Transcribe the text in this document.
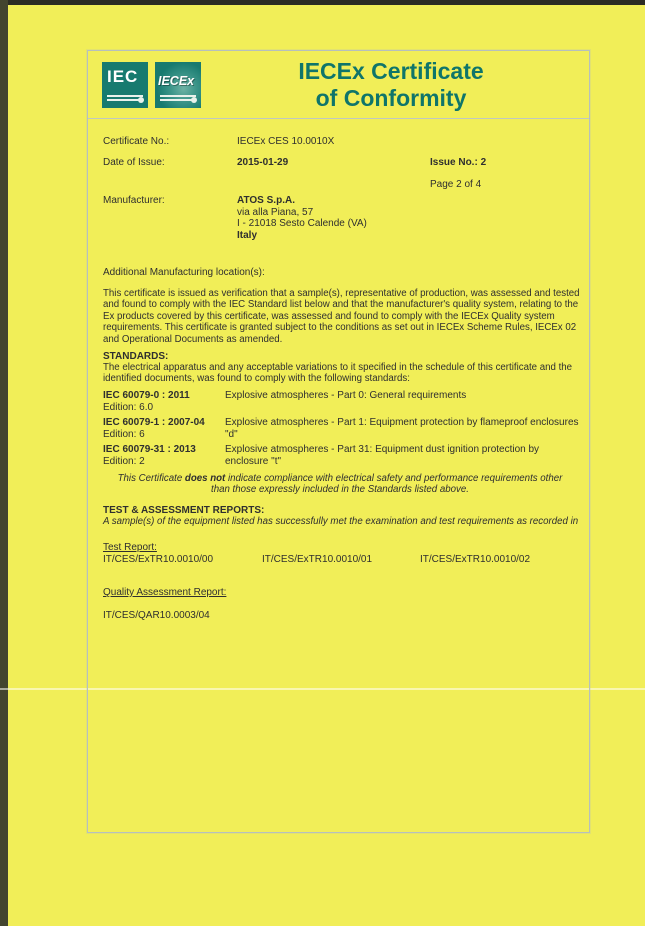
IEC	IECEx	IECEx Certificate
of Conformity
Certificate No.:	IECEx CES 10.0010X
Date of Issue:	2015-01-29	Issue No.: 2
Page 2 of 4
Manufacturer:	ATOS S.p.A.
via alla Piana, 57
I - 21018 Sesto Calende (VA)
Italy
Additional Manufacturing location(s):
This certificate is issued as verification that a sample(s), representative of production, was assessed and tested and found to comply with the IEC Standard list below and that the manufacturer's quality system, relating to the Ex products covered by this certificate, was assessed and found to comply with the IECEx Quality system requirements. This certificate is granted subject to the conditions as set out in IECEx Scheme Rules, IECEx 02 and Operational Documents as amended.
STANDARDS:
The electrical apparatus and any acceptable variations to it specified in the schedule of this certificate and the identified documents, was found to comply with the following standards:
IEC 60079-0 : 2011
Edition: 6.0
Explosive atmospheres - Part 0: General requirements
IEC 60079-1 : 2007-04
Edition: 6
Explosive atmospheres - Part 1: Equipment protection by flameproof enclosures "d"
IEC 60079-31 : 2013
Edition: 2
Explosive atmospheres - Part 31: Equipment dust ignition protection by enclosure "t"
This Certificate does not indicate compliance with electrical safety and performance requirements other than those expressly included in the Standards listed above.
TEST & ASSESSMENT REPORTS:
A sample(s) of the equipment listed has successfully met the examination and test requirements as recorded in
Test Report:
IT/CES/ExTR10.0010/00	IT/CES/ExTR10.0010/01	IT/CES/ExTR10.0010/02
Quality Assessment Report:
IT/CES/QAR10.0003/04
